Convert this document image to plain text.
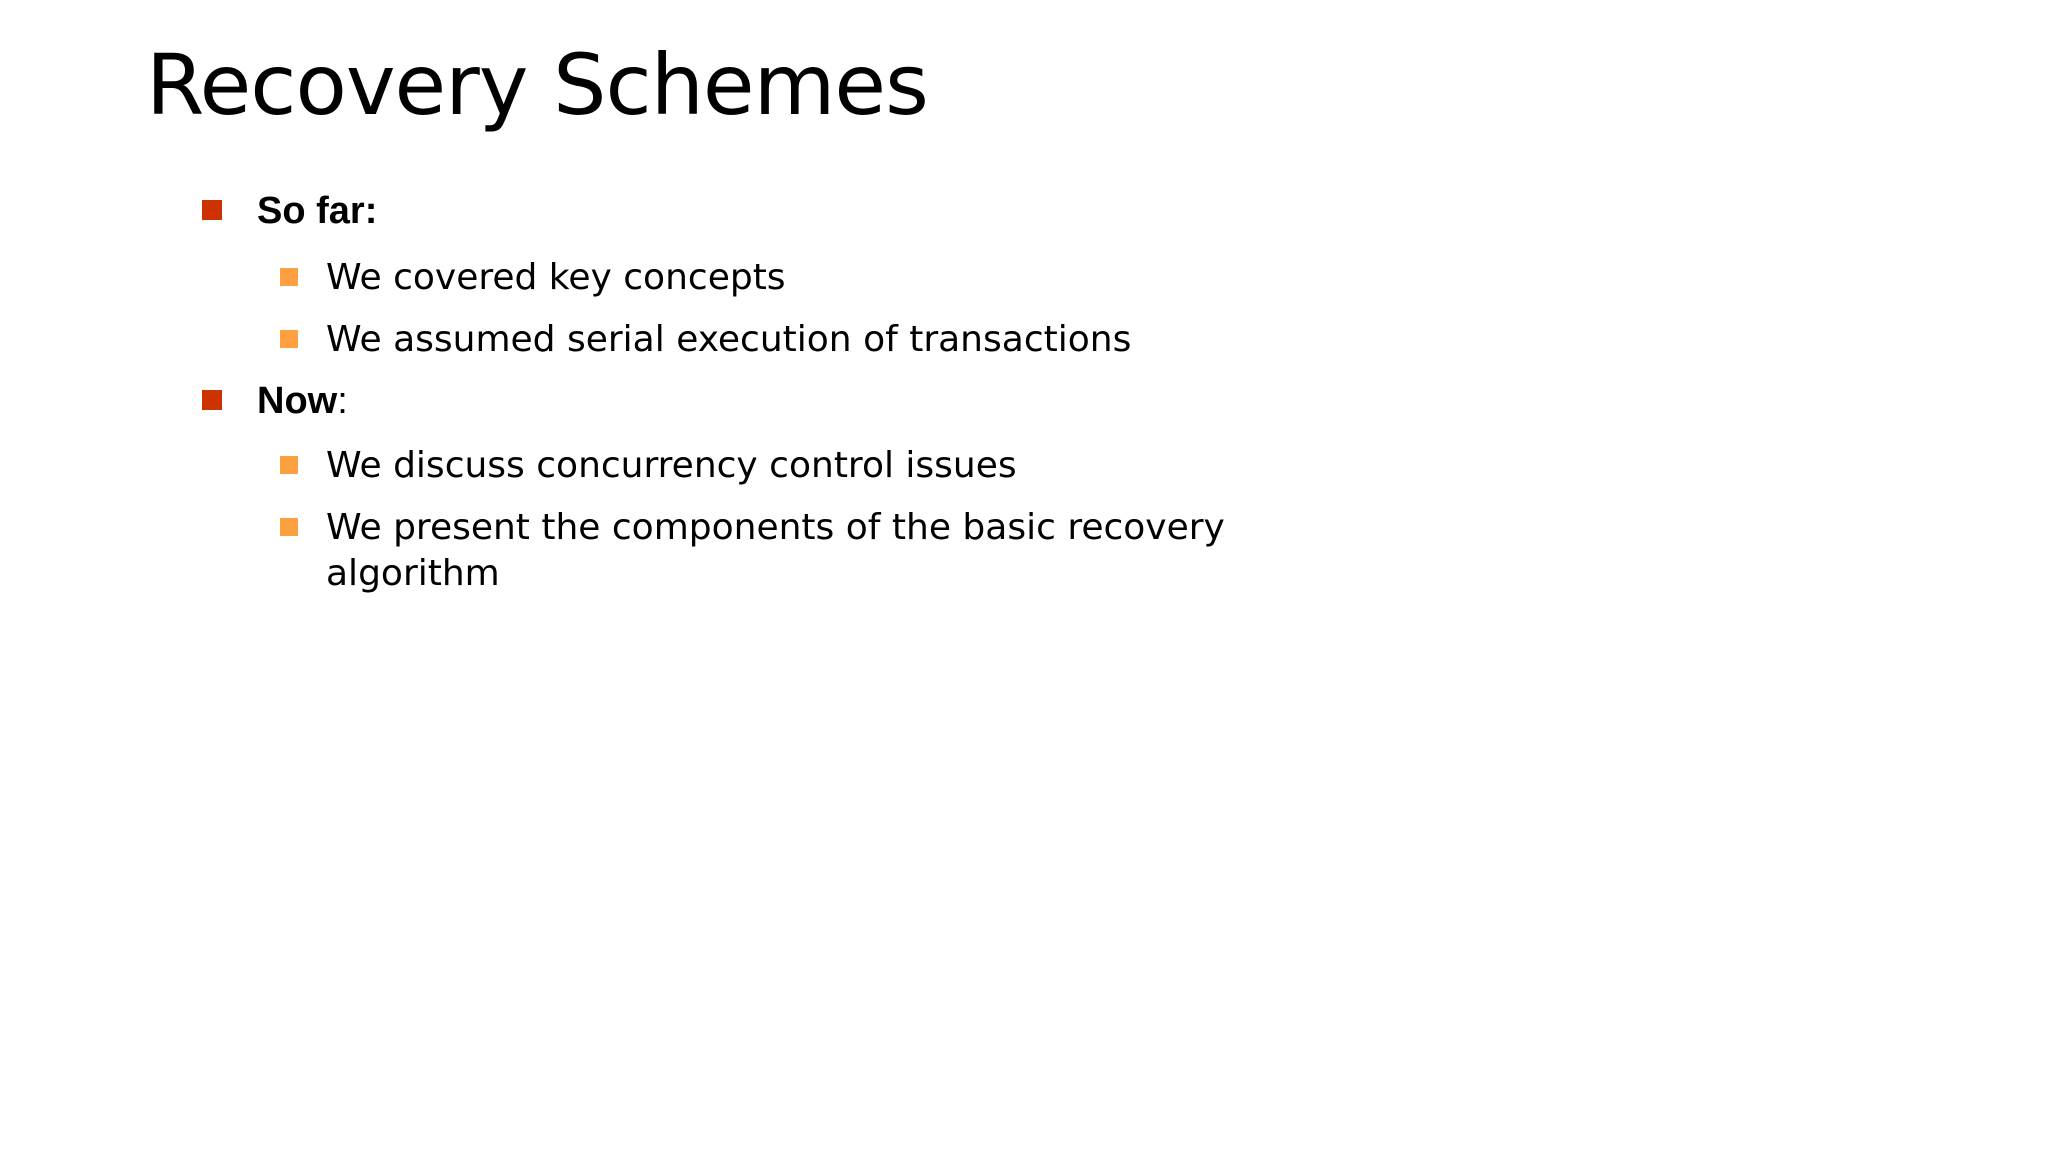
Recovery Schemes
So far:
We covered key concepts
We assumed serial execution of transactions
Now:
We discuss concurrency control issues
We present the components of the basic recovery
algorithm
